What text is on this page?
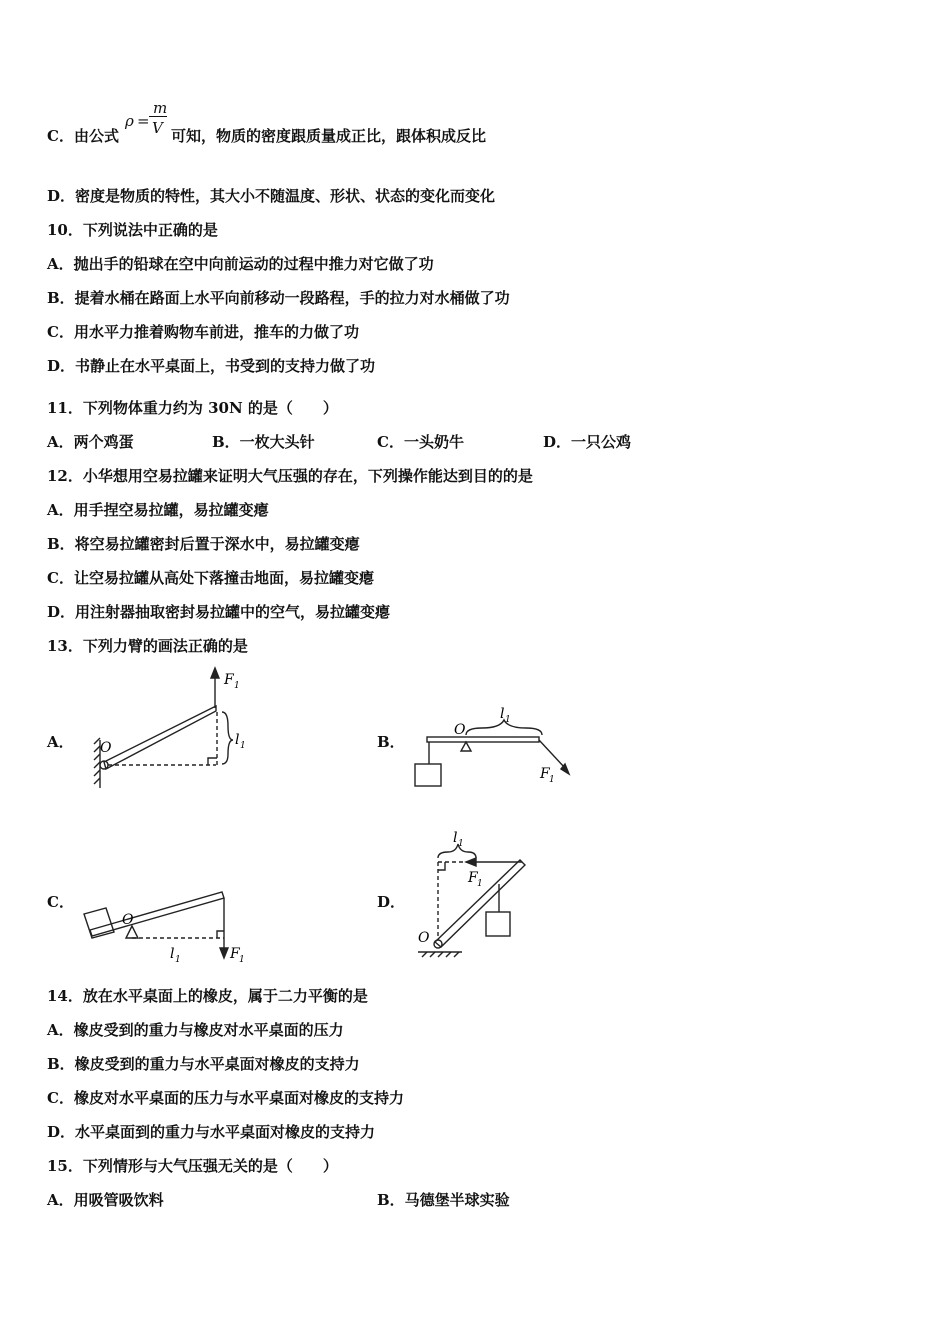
C．由公式
ρ =
m
V 可知，物质的密度跟质量成正比，跟体积成反比
D．密度是物质的特性，其大小不随温度、形状、状态的变化而变化
10．下列说法中正确的是
A．抛出手的铅球在空中向前运动的过程中推力对它做了功
B．提着水桶在路面上水平向前移动一段路程，手的拉力对水桶做了功
C．用水平力推着购物车前进，推车的力做了功
D．书静止在水平桌面上，书受到的支持力做了功
11．下列物体重力约为 30N 的是（　　）
A．两个鸡蛋	B．一枚大头针	C．一头奶牛	D．一只公鸡
12．小华想用空易拉罐来证明大气压强的存在，下列操作能达到目的的是
A．用手捏空易拉罐，易拉罐变瘪
B．将空易拉罐密封后置于深水中，易拉罐变瘪
C．让空易拉罐从高处下落撞击地面，易拉罐变瘪
D．用注射器抽取密封易拉罐中的空气，易拉罐变瘪
13．下列力臂的画法正确的是
A．	B．
C．	D．
O
F 1
l 1
O
l 1
F 1
O
l 1	F 1
O
l 1
F 1
14．放在水平桌面上的橡皮，属于二力平衡的是
A．橡皮受到的重力与橡皮对水平桌面的压力
B．橡皮受到的重力与水平桌面对橡皮的支持力
C．橡皮对水平桌面的压力与水平桌面对橡皮的支持力
D．水平桌面到的重力与水平桌面对橡皮的支持力
15．下列情形与大气压强无关的是（　　）
A．用吸管吸饮料	B．马德堡半球实验
